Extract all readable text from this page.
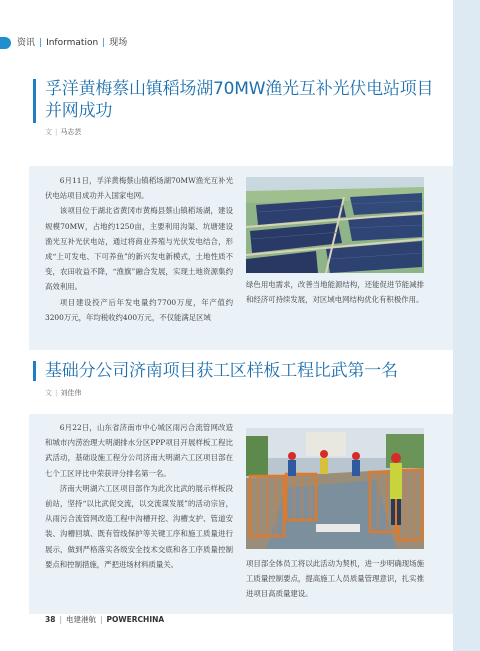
资讯 | Information | 现场
孚洋黄梅蔡山镇稻场湖70MW渔光互补光伏电站项目并网成功
文 | 马志芸

6月11日，孚洋黄梅蔡山镇稻场湖70MW渔光互补光伏电站项目成功并入国家电网。

该项目位于湖北省黄冈市黄梅县蔡山镇稻场湖，建设规模70MW，占地约1250亩，主要利用沟渠、坑塘建设渔光互补光伏电站，通过将商业养殖与光伏发电结合，形成“上可发电、下可养鱼”的新兴发电新模式，土地性质不变，农田收益不降，“渔旗”融合发展，实现土地资源集约高效利用。

项目建设投产后年发电量约7700万度，年产值约3200万元，年均税收约400万元，不仅能满足区域

绿色用电需求，改善当地能源结构，还能促进节能减排和经济可持续发展，对区域电网结构优化有积极作用。
基础分公司济南项目获工区样板工程比武第一名
文 | 刘佳伟

6月22日，山东省济南市中心城区雨污合流管网改造和城市内涝治理大明湖排水分区PPP项目开展样板工程比武活动，基础设施工程分公司济南大明湖六工区项目部在七个工区评比中荣获评分排名第一名。

济南大明湖六工区项目部作为此次比武的展示样板段前站，坚持“以比武促交流，以交流谋发展”的活动宗旨，从雨污合流管网改造工程中沟槽开挖、沟槽支护、管道安装、沟槽回填、既有管线保护等关键工序和施工质量进行展示，做到严格落实各级安全技术交底和各工序质量控制要点和控制措施，严把进场材料质量关。	项目部全体员工将以此活动为契机，进一步明确现场施工质量控制要点，提高施工人员质量管理意识，扎实推进项目高质量建设。
38 | 电建港航 | POWERCHINA
